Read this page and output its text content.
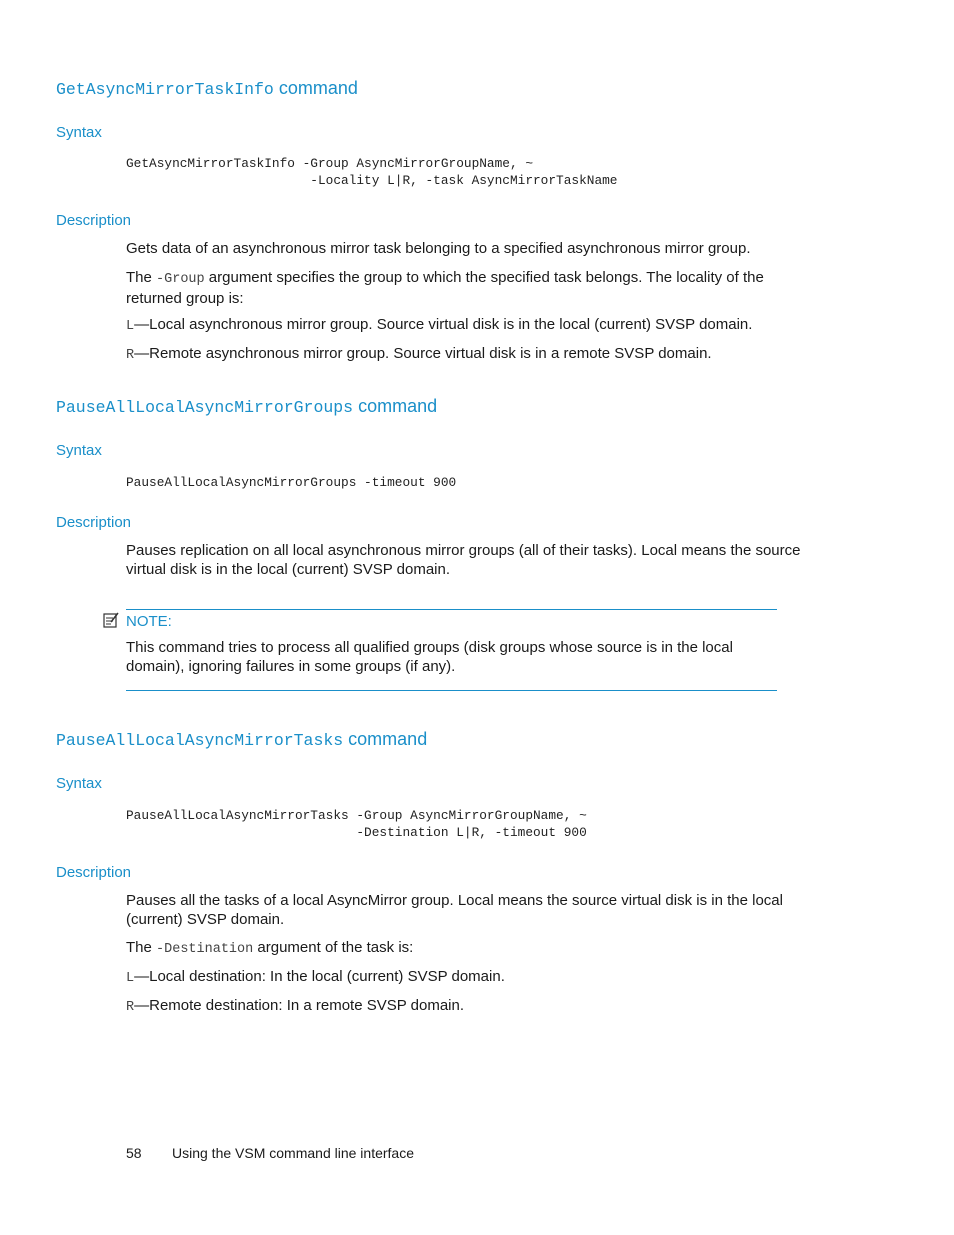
GetAsyncMirrorTaskInfo command
Syntax
GetAsyncMirrorTaskInfo -Group AsyncMirrorGroupName, ~
-Locality L|R, -task AsyncMirrorTaskName
Description
Gets data of an asynchronous mirror task belonging to a specified asynchronous mirror group.
The -Group argument specifies the group to which the specified task belongs. The locality of the returned group is:
L—Local asynchronous mirror group. Source virtual disk is in the local (current) SVSP domain.
R—Remote asynchronous mirror group. Source virtual disk is in a remote SVSP domain.
PauseAllLocalAsyncMirrorGroups command
Syntax
PauseAllLocalAsyncMirrorGroups -timeout 900
Description
Pauses replication on all local asynchronous mirror groups (all of their tasks). Local means the source virtual disk is in the local (current) SVSP domain.
NOTE:
This command tries to process all qualified groups (disk groups whose source is in the local domain), ignoring failures in some groups (if any).
PauseAllLocalAsyncMirrorTasks command
Syntax
PauseAllLocalAsyncMirrorTasks -Group AsyncMirrorGroupName, ~
-Destination L|R, -timeout 900
Description
Pauses all the tasks of a local AsyncMirror group. Local means the source virtual disk is in the local (current) SVSP domain.
The -Destination argument of the task is:
L—Local destination: In the local (current) SVSP domain.
R—Remote destination: In a remote SVSP domain.
58 Using the VSM command line interface
